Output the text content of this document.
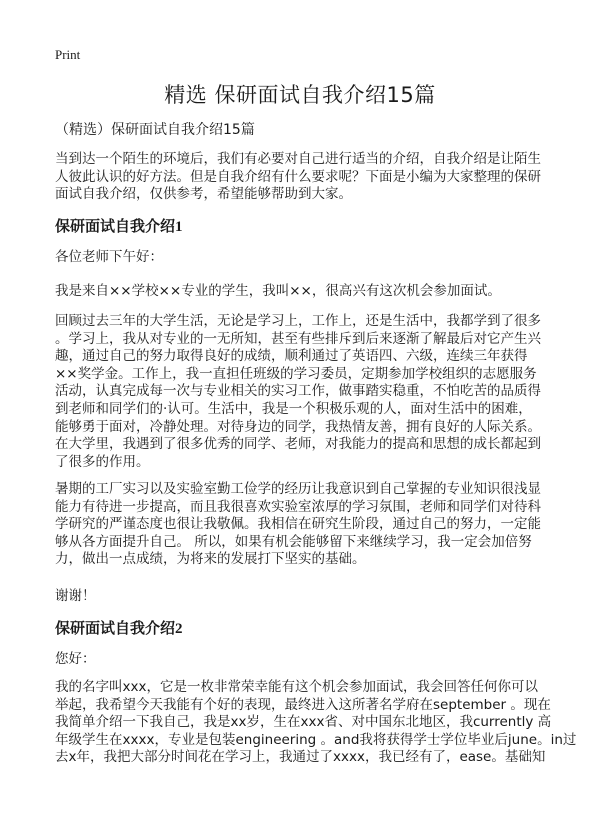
Print
精选 保研面试自我介绍15篇
（精选）保研面试自我介绍15篇
当到达一个陌生的环境后，我们有必要对自己进行适当的介绍，自我介绍是让陌生
人彼此认识的好方法。但是自我介绍有什么要求呢？下面是小编为大家整理的保研
面试自我介绍，仅供参考，希望能够帮助到大家。
保研面试自我介绍1
各位老师下午好：
我是来自××学校××专业的学生，我叫××，很高兴有这次机会参加面试。
回顾过去三年的大学生活，无论是学习上，工作上，还是生活中，我都学到了很多
。学习上，我从对专业的一无所知，甚至有些排斥到后来逐渐了解最后对它产生兴
趣，通过自己的努力取得良好的成绩，顺利通过了英语四、六级，连续三年获得
××奖学金。工作上，我一直担任班级的学习委员，定期参加学校组织的志愿服务
活动，认真完成每一次与专业相关的实习工作，做事踏实稳重，不怕吃苦的品质得
到老师和同学们的‧认可。生活中，我是一个积极乐观的人，面对生活中的困难，
能够勇于面对，冷静处理。对待身边的同学，我热情友善，拥有良好的人际关系。
在大学里，我遇到了很多优秀的同学、老师，对我能力的提高和思想的成长都起到
了很多的作用。
暑期的工厂实习以及实验室勤工俭学的经历让我意识到自己掌握的专业知识很浅显
能力有待进一步提高，而且我很喜欢实验室浓厚的学习氛围，老师和同学们对待科
学研究的严谨态度也很让我敬佩。我相信在研究生阶段，通过自己的努力，一定能
够从各方面提升自己。 所以，如果有机会能够留下来继续学习，我一定会加倍努
力，做出一点成绩，为将来的发展打下坚实的基础。
谢谢！
保研面试自我介绍2
您好：
我的名字叫xxx，它是一枚非常荣幸能有这个机会参加面试，我会回答任何你可以
举起，我希望今天我能有个好的表现，最终进入这所著名学府在september 。现在
我简单介绍一下我自己，我是xx岁，生在xxx省、对中国东北地区，我currently 高
年级学生在xxxx，专业是包装engineering 。and我将获得学士学位毕业后june。in过
去x年，我把大部分时间花在学习上，我通过了xxxx，我已经有了，ease。基础知
